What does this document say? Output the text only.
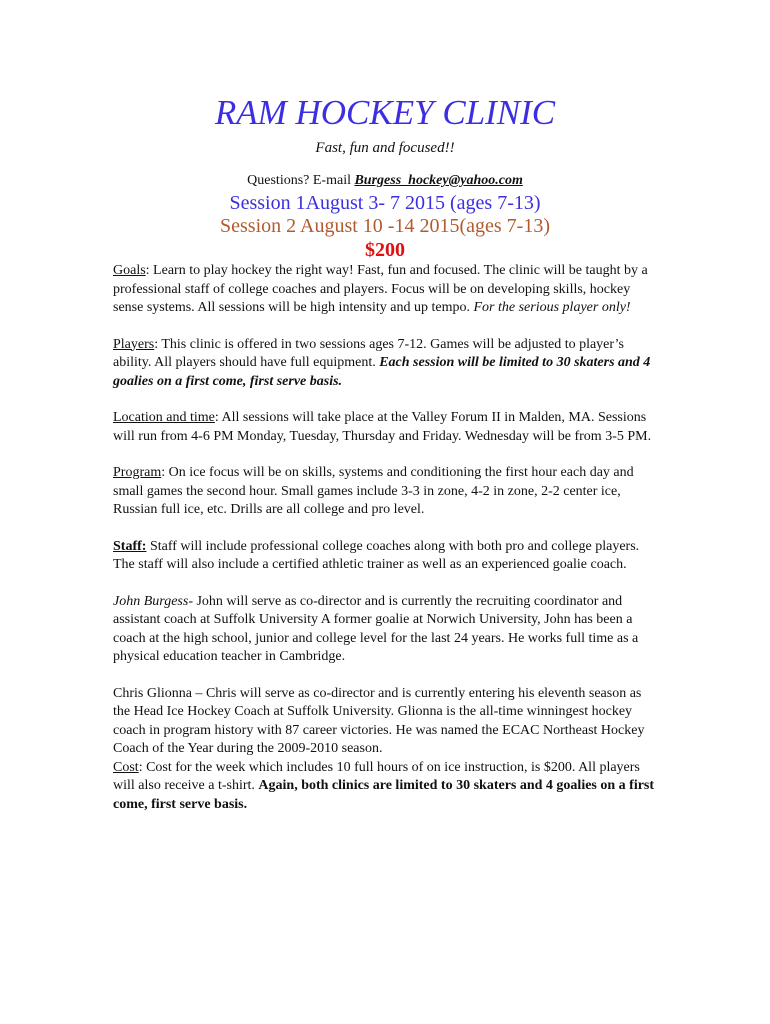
RAM HOCKEY CLINIC
Fast, fun and focused!!
Questions? E-mail Burgess_hockey@yahoo.com
Session 1August 3- 7 2015 (ages 7-13)
Session 2 August 10 -14 2015(ages 7-13)
$200

Goals: Learn to play hockey the right way! Fast, fun and focused. The clinic will be taught by a professional staff of college coaches and players. Focus will be on developing skills, hockey sense systems. All sessions will be high intensity and up tempo. For the serious player only!

Players: This clinic is offered in two sessions ages 7-12. Games will be adjusted to player’s ability. All players should have full equipment. Each session will be limited to 30 skaters and 4 goalies on a first come, first serve basis.

Location and time: All sessions will take place at the Valley Forum II in Malden, MA. Sessions will run from 4-6 PM Monday, Tuesday, Thursday and Friday. Wednesday will be from 3-5 PM.

Program: On ice focus will be on skills, systems and conditioning the first hour each day and small games the second hour. Small games include 3-3 in zone, 4-2 in zone, 2-2 center ice, Russian full ice, etc. Drills are all college and pro level.

Staff: Staff will include professional college coaches along with both pro and college players. The staff will also include a certified athletic trainer as well as an experienced goalie coach.

John Burgess- John will serve as co-director and is currently the recruiting coordinator and assistant coach at Suffolk University A former goalie at Norwich University, John has been a coach at the high school, junior and college level for the last 24 years. He works full time as a physical education teacher in Cambridge.

Chris Glionna – Chris will serve as co-director and is currently entering his eleventh season as the Head Ice Hockey Coach at Suffolk University. Glionna is the all-time winningest hockey coach in program history with 87 career victories. He was named the ECAC Northeast Hockey Coach of the Year during the 2009-2010 season.

Cost: Cost for the week which includes 10 full hours of on ice instruction, is $200. All players will also receive a t-shirt. Again, both clinics are limited to 30 skaters and 4 goalies on a first come, first serve basis.
